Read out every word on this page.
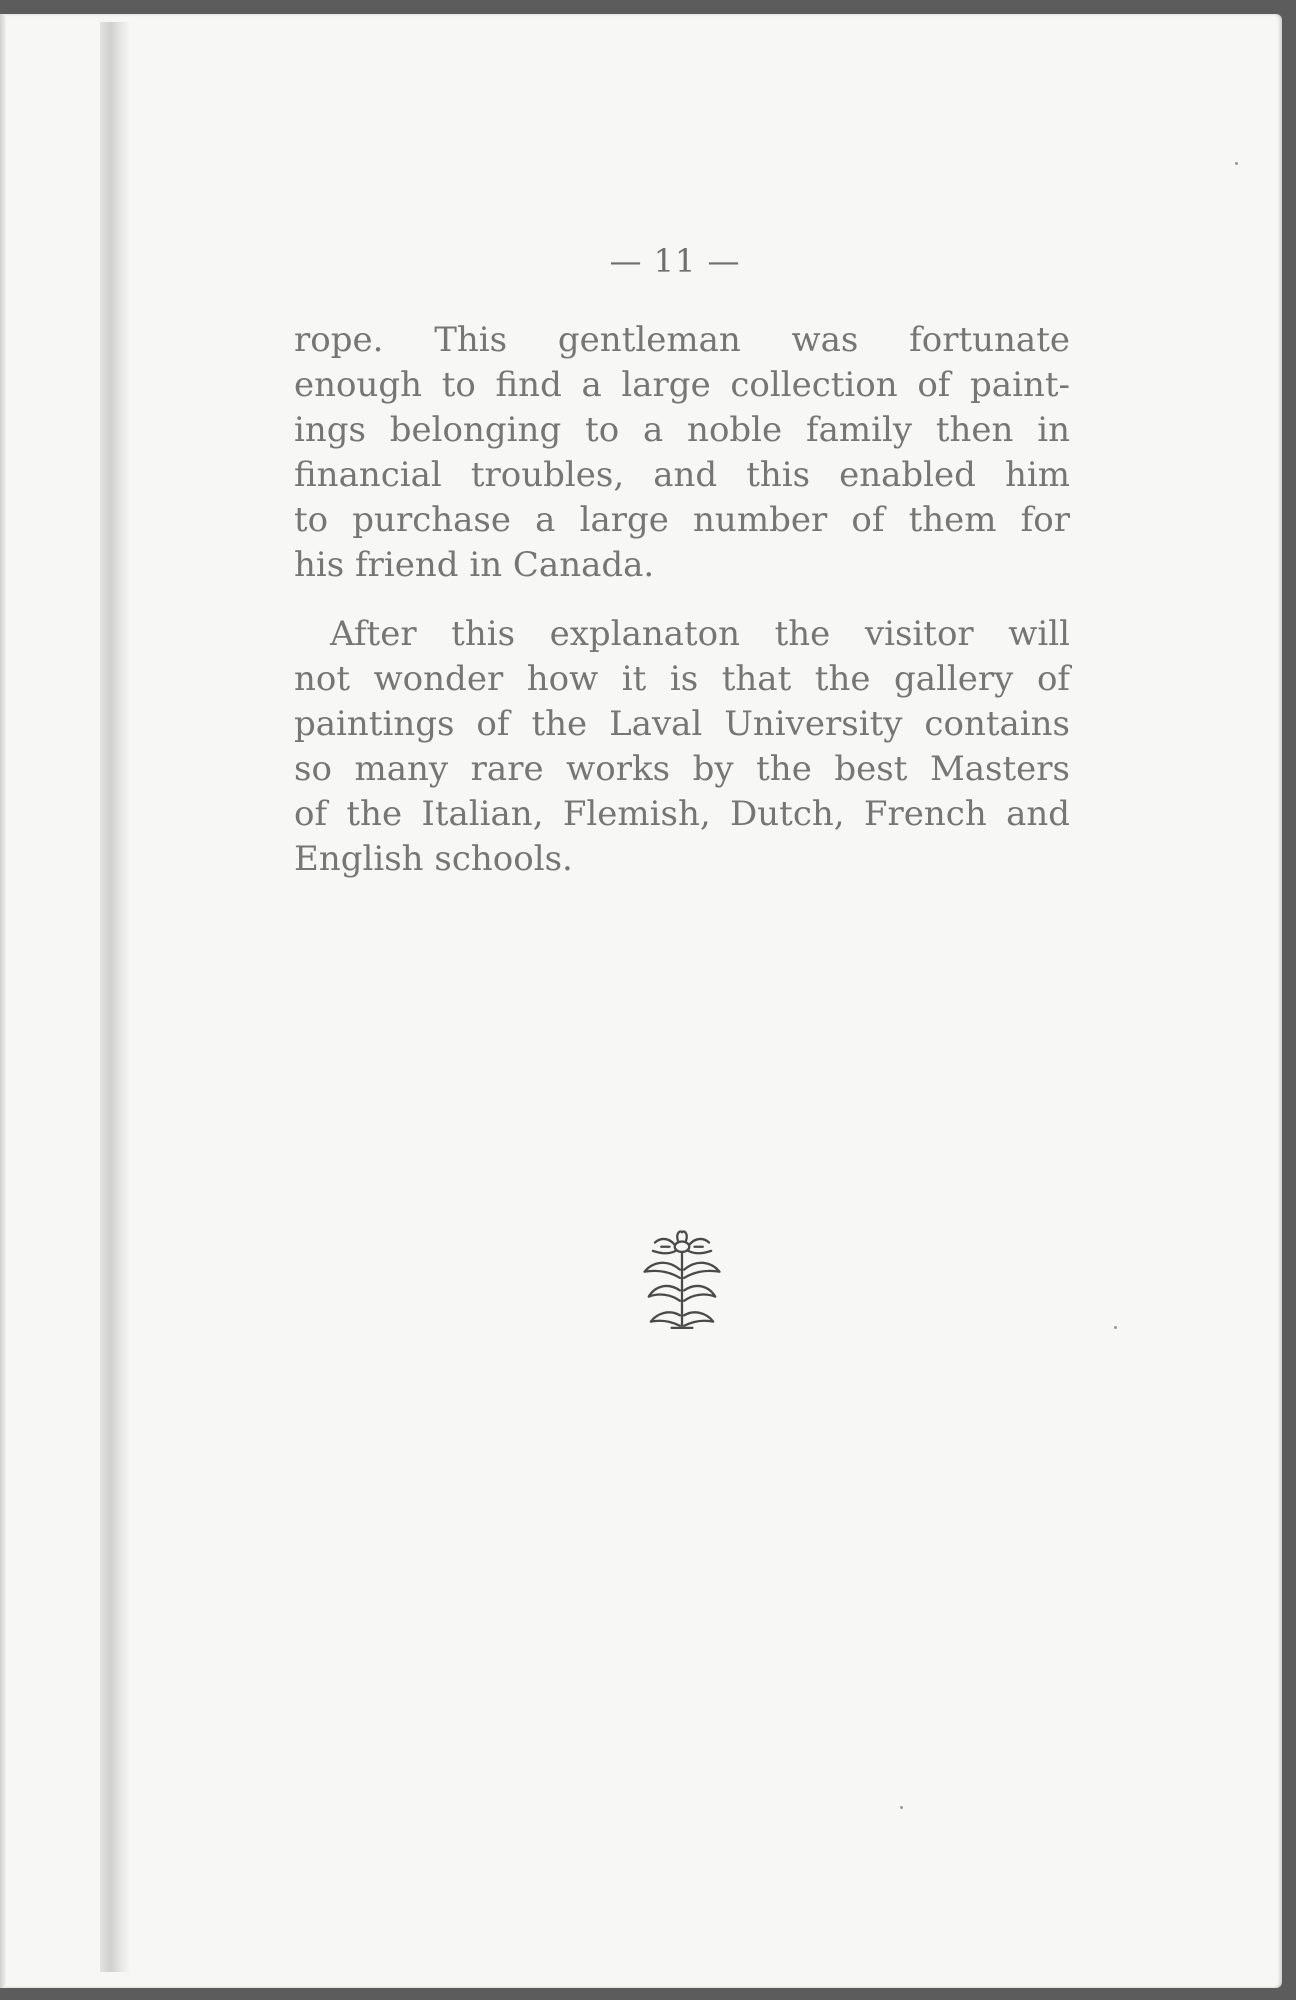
— 11 —
rope. This gentleman was fortunate
enough to find a large collection of paint-
ings belonging to a noble family then in
financial troubles, and this enabled him
to purchase a large number of them for
his friend in Canada.
After this explanaton the visitor will
not wonder how it is that the gallery of
paintings of the Laval University contains
so many rare works by the best Masters
of the Italian, Flemish, Dutch, French and
English schools.
